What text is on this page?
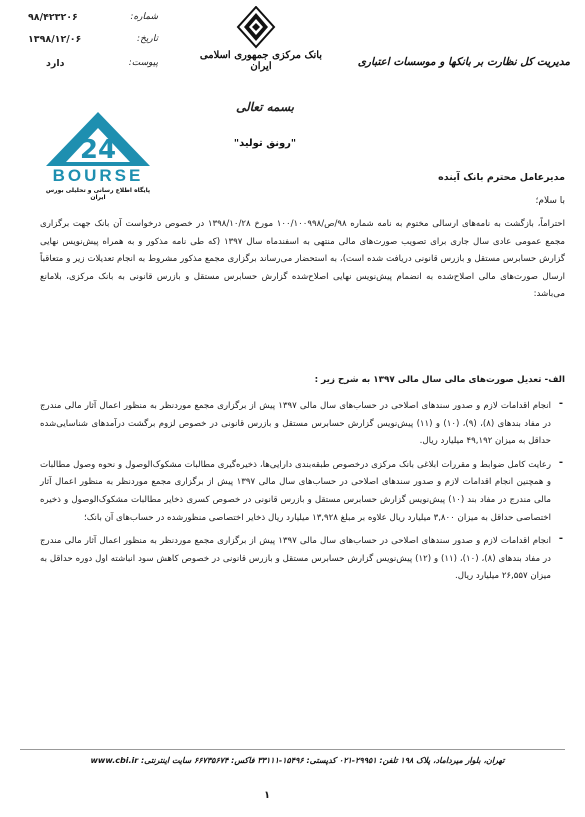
۹۸/۴۲۳۲۰۶	شماره:
۱۳۹۸/۱۲/۰۶	تاریخ:
دارد	پیوست:
بانک مرکزی جمهوری اسلامی ایران	مدیریت کل نظارت بر بانکها و موسسات اعتباری
بسمه تعالی
"رونق تولید"
24
BOURSE
پایگاه اطلاع رسانی و تحلیلی بورس ایران
مدیرعامل محترم بانک آینده
با سلام؛
احتراماً، بازگشت به نامه‌های ارسالی مختوم به نامه شماره ۹۸/ص/۱۰۰/۱۰۰۹۹۸ مورخ ۱۳۹۸/۱۰/۲۸ در خصوص درخواست آن بانک جهت برگزاری مجمع عمومی عادی سال جاری برای تصویب صورت‌های مالی منتهی به اسفندماه سال ۱۳۹۷ (که طی نامه مذکور و به همراه پیش‌نویس نهایی گزارش حسابرس مستقل و بازرس قانونی دریافت شده است)، به استحضار می‌رساند برگزاری مجمع مذکور مشروط به انجام تعدیلات زیر و متعاقباً ارسال صورت‌های مالی اصلاح‌شده به انضمام پیش‌نویس نهایی اصلاح‌شده گزارش حسابرس مستقل و بازرس قانونی به بانک مرکزی، بلامانع می‌باشد:
الف- تعدیل صورت‌های مالی سال مالی ۱۳۹۷ به شرح زیر :
-
انجام اقدامات لازم و صدور سندهای اصلاحی در حساب‌های سال مالی ۱۳۹۷ پیش از برگزاری مجمع موردنظر به منظور اعمال آثار مالی مندرج در مفاد بندهای (۸)، (۹)، (۱۰) و (۱۱) پیش‌نویس گزارش حسابرس مستقل و بازرس قانونی در خصوص لزوم برگشت درآمدهای شناسایی‌شده حداقل به میزان ۴۹,۱۹۲ میلیارد ریال.
-
رعایت کامل ضوابط و مقررات ابلاغی بانک مرکزی درخصوص طبقه‌بندی دارایی‌ها، ذخیره‌گیری مطالبات مشکوک‌الوصول و نحوه وصول مطالبات و همچنین انجام اقدامات لازم و صدور سندهای اصلاحی در حساب‌های سال مالی ۱۳۹۷ پیش از برگزاری مجمع موردنظر به منظور اعمال آثار مالی مندرج در مفاد بند (۱۰) پیش‌نویس گزارش حسابرس مستقل و بازرس قانونی در خصوص کسری ذخایر مطالبات مشکوک‌الوصول و ذخیره اختصاصی حداقل به میزان ۳,۸۰۰ میلیارد ریال علاوه بر مبلغ ۱۳,۹۲۸ میلیارد ریال ذخایر اختصاصی منظورشده در حساب‌های آن بانک؛
-
انجام اقدامات لازم و صدور سندهای اصلاحی در حساب‌های سال مالی ۱۳۹۷ پیش از برگزاری مجمع موردنظر به منظور اعمال آثار مالی مندرج در مفاد بندهای (۸)، (۱۰)، (۱۱) و (۱۲) پیش‌نویس گزارش حسابرس مستقل و بازرس قانونی در خصوص کاهش سود انباشته اول دوره حداقل به میزان ۲۶,۵۵۷ میلیارد ریال.
تهران، بلوار میرداماد، پلاک ۱۹۸ تلفن: ۲۹۹۵۱-۰۲۱ کدپستی: ۱۵۴۹۶-۳۳۱۱۱ فاکس: ۶۶۷۳۵۶۷۴ سایت اینترنتی: www.cbi.ir
۱
